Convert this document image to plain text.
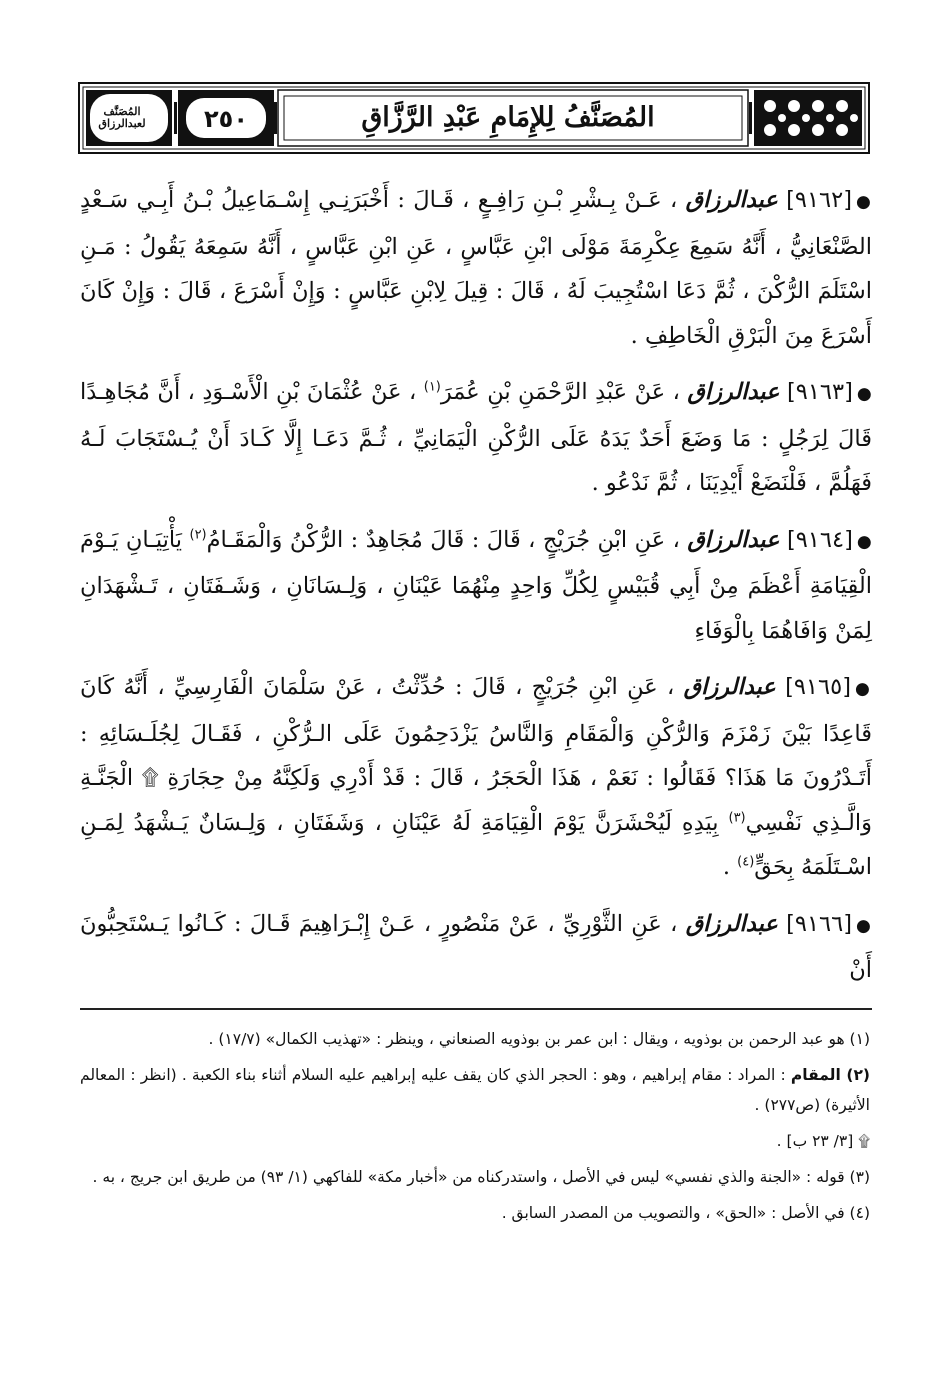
المُصَنَّف لعبدالرزاق	٢٥٠	المُصَنَّفُ لِلإِمَامِ عَبْدِ الرَّزَّاقِ

●[٩١٦٢] عبدالرزاق ، عَـنْ بِـشْرِ بْـنِ رَافِـعٍ ، قَـالَ : أَخْبَرَنِـي إِسْـمَاعِيلُ بْـنُ أَبِـي سَـعْدٍ الصَّنْعَانِيُّ ، أَنَّهُ سَمِعَ عِكْرِمَةَ مَوْلَى ابْنِ عَبَّاسٍ ، عَنِ ابْنِ عَبَّاسٍ ، أَنَّهُ سَمِعَهُ يَقُولُ : مَـنِ اسْتَلَمَ الرُّكْنَ ، ثُمَّ دَعَا اسْتُجِيبَ لَهُ ، قَالَ : قِيلَ لِابْنِ عَبَّاسٍ : وَإِنْ أَسْرَعَ ، قَالَ : وَإِنْ كَانَ أَسْرَعَ مِنَ الْبَرْقِ الْخَاطِفِ .

●[٩١٦٣] عبدالرزاق ، عَنْ عَبْدِ الرَّحْمَنِ بْنِ عُمَرَ$^{(١)}$ ، عَنْ عُثْمَانَ بْنِ الْأَسْـوَدِ ، أَنَّ مُجَاهِـدًا قَالَ لِرَجُلٍ : مَا وَضَعَ أَحَدٌ يَدَهُ عَلَى الرُّكْنِ الْيَمَانِيِّ ، ثُـمَّ دَعَـا إِلَّا كَـادَ أَنْ يُـسْتَجَابَ لَـهُ فَهَلُمَّ ، فَلْنَضَعْ أَيْدِيَنَا ، ثُمَّ نَدْعُو .

●[٩١٦٤] عبدالرزاق ، عَنِ ابْنِ جُرَيْجٍ ، قَالَ : قَالَ مُجَاهِدٌ : الرُّكْنُ وَالْمَقَـامُ$^{(٢)}$ يَأْتِيَـانِ يَـوْمَ الْقِيَامَةِ أَعْظَمَ مِنْ أَبِي قُبَيْسٍ لِكُلِّ وَاحِدٍ مِنْهُمَا عَيْنَانِ ، وَلِـسَانَانِ ، وَشَـفَتَانِ ، تَـشْهَدَانِ لِمَنْ وَافَاهُمَا بِالْوَفَاءِ

●[٩١٦٥] عبدالرزاق ، عَنِ ابْنِ جُرَيْجٍ ، قَالَ : حُدِّثْتُ ، عَنْ سَلْمَانَ الْفَارِسِيِّ ، أَنَّهُ كَانَ قَاعِدًا بَيْنَ زَمْزَمَ وَالرُّكْنِ وَالْمَقَامِ وَالنَّاسُ يَزْدَحِمُونَ عَلَى الـرُّكْنِ ، فَقَـالَ لِجُلَـسَائِهِ : أَتَـدْرُونَ مَا هَذَا؟ فَقَالُوا : نَعَمْ ، هَذَا الْحَجَرُ ، قَالَ : قَدْ أَدْرِي وَلَكِنَّهُ مِنْ حِجَارَةِ ۩ الْجَنَّـةِ وَالَّـذِي نَفْسِي$^{(٣)}$ بِيَدِهِ لَيُحْشَرَنَّ يَوْمَ الْقِيَامَةِ لَهُ عَيْنَانِ ، وَشَفَتَانِ ، وَلِـسَانٌ يَـشْهَدُ لِمَـنِ اسْـتَلَمَهُ بِحَقٍّ$^{(٤)}$ .

●[٩١٦٦] عبدالرزاق ، عَنِ الثَّوْرِيِّ ، عَنْ مَنْصُورٍ ، عَـنْ إِبْـرَاهِيمَ قَـالَ : كَـانُوا يَـسْتَحِبُّونَ أَنْ

(١) هو عبد الرحمن بن بوذويه ، ويقال : ابن عمر بن بوذويه الصنعاني ، وينظر : «تهذيب الكمال» (١٧/٧) .

(٢) المقام : المراد : مقام إبراهيم ، وهو : الحجر الذي كان يقف عليه إبراهيم عليه السلام أثناء بناء الكعبة . (انظر : المعالم الأثيرة) (ص٢٧٧) .

۩ [٣/ ٢٣ ب] .

(٣) قوله : «الجنة والذي نفسي» ليس في الأصل ، واستدركناه من «أخبار مكة» للفاكهي (١/ ٩٣) من طريق ابن جريج ، به .

(٤) في الأصل : «الحق» ، والتصويب من المصدر السابق .
